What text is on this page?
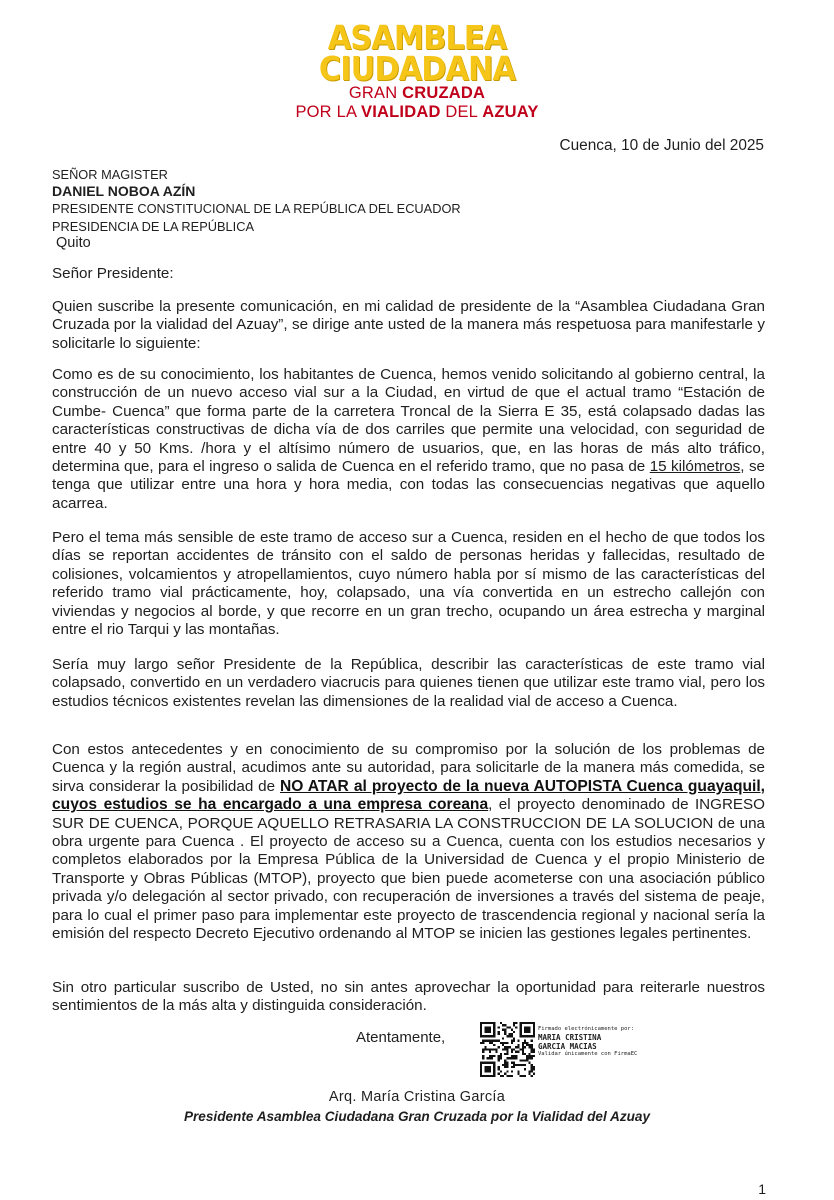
ASAMBLEA
CIUDADANA
GRAN CRUZADA
POR LA VIALIDAD DEL AZUAY
Cuenca, 10 de Junio del 2025
SEÑOR MAGISTER
DANIEL NOBOA AZÍN
PRESIDENTE CONSTITUCIONAL DE LA REPÚBLICA DEL ECUADOR
PRESIDENCIA DE LA REPÚBLICA
Quito
Señor Presidente:
Quien suscribe la presente comunicación, en mi calidad de presidente de la “Asamblea Ciudadana Gran Cruzada por la vialidad del Azuay”, se dirige ante usted de la manera más respetuosa para manifestarle y solicitarle lo siguiente:
Como es de su conocimiento, los habitantes de Cuenca, hemos venido solicitando al gobierno central, la construcción de un nuevo acceso vial sur a la Ciudad, en virtud de que el actual tramo “Estación de Cumbe- Cuenca” que forma parte de la carretera Troncal de la Sierra E 35, está colapsado dadas las características constructivas de dicha vía de dos carriles que permite una velocidad, con seguridad de entre 40 y 50 Kms. /hora y el altísimo número de usuarios, que, en las horas de más alto tráfico, determina que, para el ingreso o salida de Cuenca en el referido tramo, que no pasa de 15 kilómetros, se tenga que utilizar entre una hora y hora media, con todas las consecuencias negativas que aquello acarrea.
Pero el tema más sensible de este tramo de acceso sur a Cuenca, residen en el hecho de que todos los días se reportan accidentes de tránsito con el saldo de personas heridas y fallecidas, resultado de colisiones, volcamientos y atropellamientos, cuyo número habla por sí mismo de las características del referido tramo vial prácticamente, hoy, colapsado, una vía convertida en un estrecho callejón con viviendas y negocios al borde, y que recorre en un gran trecho, ocupando un área estrecha y marginal entre el rio Tarqui y las montañas.
Sería muy largo señor Presidente de la República, describir las características de este tramo vial colapsado, convertido en un verdadero viacrucis para quienes tienen que utilizar este tramo vial, pero los estudios técnicos existentes revelan las dimensiones de la realidad vial de acceso a Cuenca.
Con estos antecedentes y en conocimiento de su compromiso por la solución de los problemas de Cuenca y la región austral, acudimos ante su autoridad, para solicitarle de la manera más comedida, se sirva considerar la posibilidad de NO ATAR al proyecto de la nueva AUTOPISTA Cuenca guayaquil, cuyos estudios se ha encargado a una empresa coreana, el proyecto denominado de INGRESO SUR DE CUENCA, PORQUE AQUELLO RETRASARIA LA CONSTRUCCION DE LA SOLUCION de una obra urgente para Cuenca . El proyecto de acceso su a Cuenca, cuenta con los estudios necesarios y completos elaborados por la Empresa Pública de la Universidad de Cuenca y el propio Ministerio de Transporte y Obras Públicas (MTOP), proyecto que bien puede acometerse con una asociación público privada y/o delegación al sector privado, con recuperación de inversiones a través del sistema de peaje, para lo cual el primer paso para implementar este proyecto de trascendencia regional y nacional sería la emisión del respecto Decreto Ejecutivo ordenando al MTOP se inicien las gestiones legales pertinentes.
Sin otro particular suscribo de Usted, no sin antes aprovechar la oportunidad para reiterarle nuestros sentimientos de la más alta y distinguida consideración.
Atentamente,	Firmado electrónicamente por:
MARIA CRISTINA
GARCIA MACIAS
Validar únicamente con FirmaEC
Arq. María Cristina García
Presidente Asamblea Ciudadana Gran Cruzada por la Vialidad del Azuay
1
